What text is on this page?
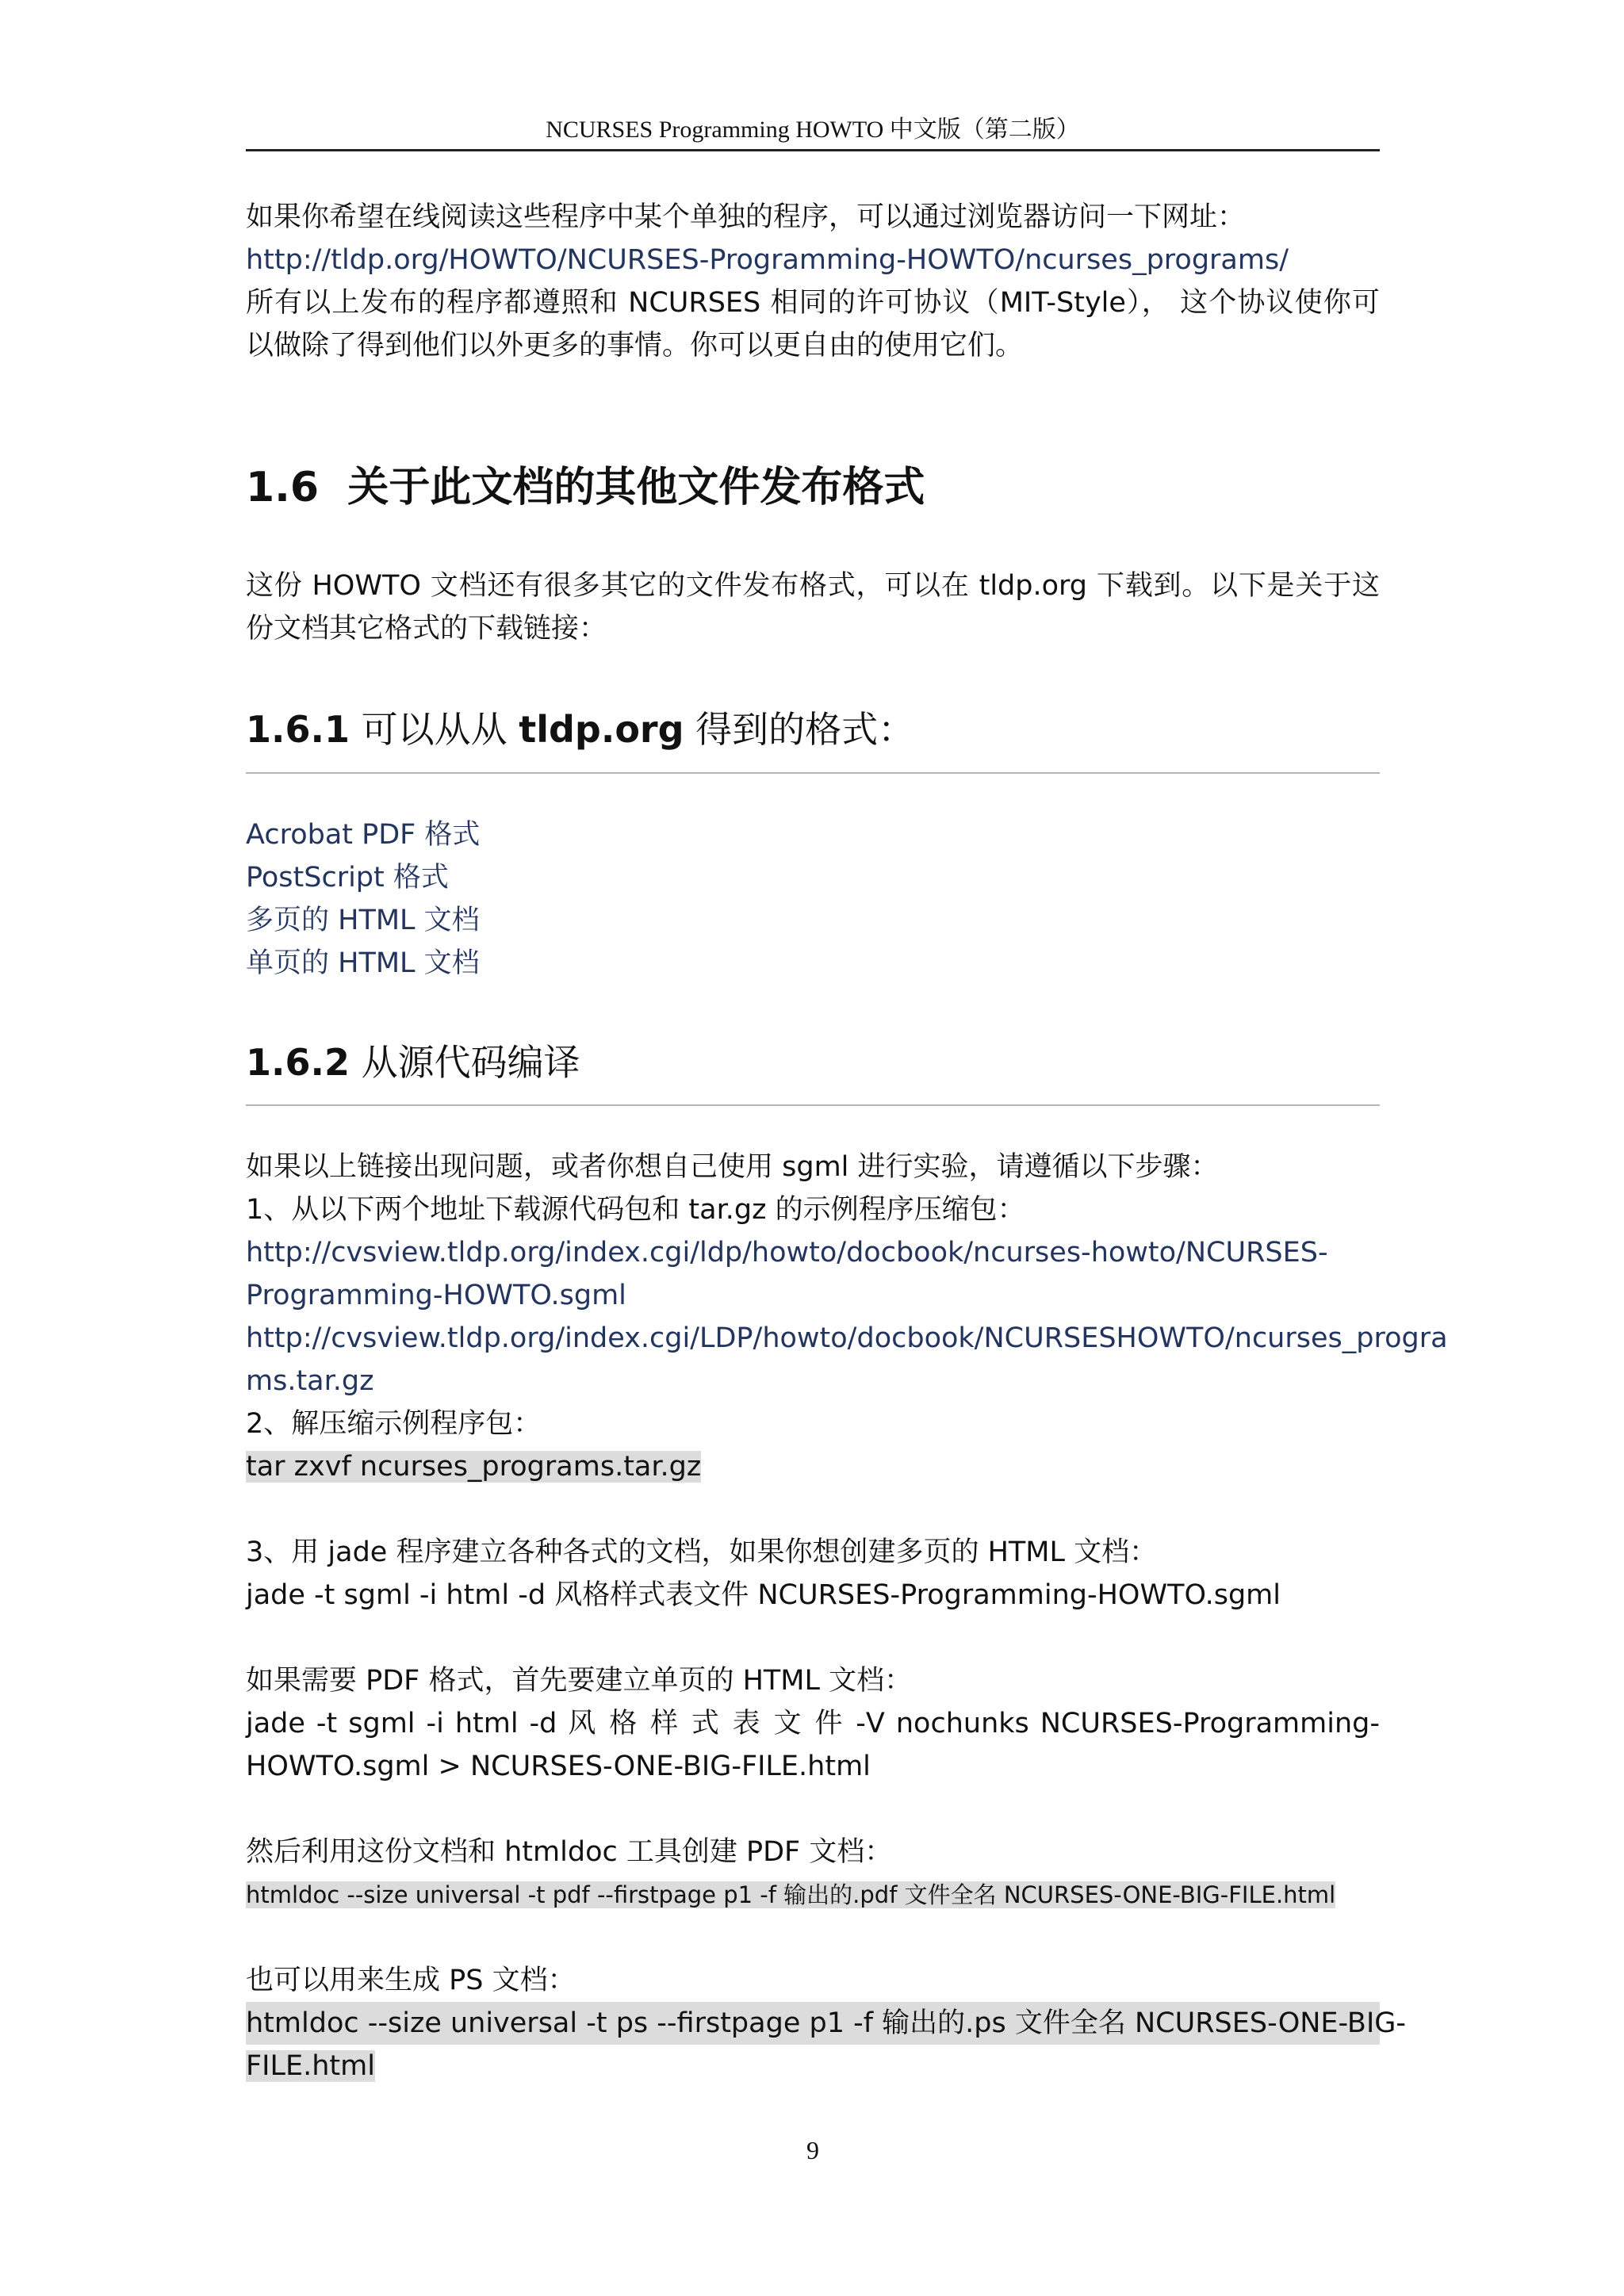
NCURSES Programming HOWTO 中文版（第二版）
如果你希望在线阅读这些程序中某个单独的程序，可以通过浏览器访问一下网址：
http://tldp.org/HOWTO/NCURSES-Programming-HOWTO/ncurses_programs/
所有以上发布的程序都遵照和 NCURSES 相同的许可协议（MIT-Style）， 这个协议使你可
以做除了得到他们以外更多的事情。你可以更自由的使用它们。
1.6 关于此文档的其他文件发布格式
这份 HOWTO 文档还有很多其它的文件发布格式，可以在 tldp.org 下载到。以下是关于这
份文档其它格式的下载链接：
1.6.1 可以从从 tldp.org 得到的格式：
Acrobat PDF 格式
PostScript 格式
多页的 HTML 文档
单页的 HTML 文档
1.6.2 从源代码编译
如果以上链接出现问题，或者你想自己使用 sgml 进行实验，请遵循以下步骤：
1、从以下两个地址下载源代码包和 tar.gz 的示例程序压缩包：
http://cvsview.tldp.org/index.cgi/ldp/howto/docbook/ncurses-howto/NCURSES-
Programming-HOWTO.sgml
http://cvsview.tldp.org/index.cgi/LDP/howto/docbook/NCURSESHOWTO/ncurses_progra
ms.tar.gz
2、解压缩示例程序包：
tar zxvf ncurses_programs.tar.gz
3、用 jade 程序建立各种各式的文档，如果你想创建多页的 HTML 文档：
jade -t sgml -i html -d 风格样式表文件 NCURSES-Programming-HOWTO.sgml
如果需要 PDF 格式，首先要建立单页的 HTML 文档：
jade -t sgml -i html -d 风 格 样 式 表 文 件 -V nochunks NCURSES-Programming-
HOWTO.sgml > NCURSES-ONE-BIG-FILE.html
然后利用这份文档和 htmldoc 工具创建 PDF 文档：
htmldoc --size universal -t pdf --firstpage p1 -f 输出的.pdf 文件全名 NCURSES-ONE-BIG-FILE.html
也可以用来生成 PS 文档：
htmldoc --size universal -t ps --firstpage p1 -f 输出的.ps 文件全名 NCURSES-ONE-BIG-
FILE.html
9
